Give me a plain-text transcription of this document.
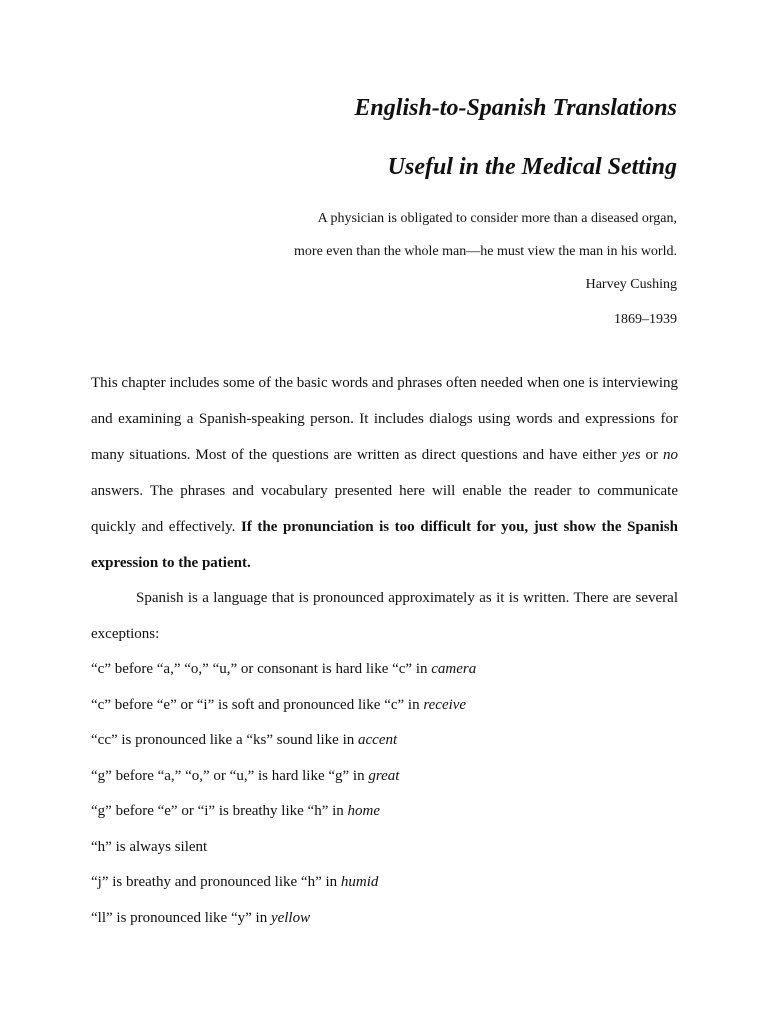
English-to-Spanish Translations
Useful in the Medical Setting

A physician is obligated to consider more than a diseased organ,

more even than the whole man—he must view the man in his world.

Harvey Cushing

1869–1939

This chapter includes some of the basic words and phrases often needed when one is interviewing and examining a Spanish-speaking person. It includes dialogs using words and expressions for many situations. Most of the questions are written as direct questions and have either yes or no answers. The phrases and vocabulary presented here will enable the reader to communicate quickly and effectively. If the pronunciation is too difficult for you, just show the Spanish expression to the patient.

Spanish is a language that is pronounced approximately as it is written. There are several exceptions:

“c” before “a,” “o,” “u,” or consonant is hard like “c” in camera

“c” before “e” or “i” is soft and pronounced like “c” in receive

“cc” is pronounced like a “ks” sound like in accent

“g” before “a,” “o,” or “u,” is hard like “g” in great

“g” before “e” or “i” is breathy like “h” in home

“h” is always silent

“j” is breathy and pronounced like “h” in humid

“ll” is pronounced like “y” in yellow
